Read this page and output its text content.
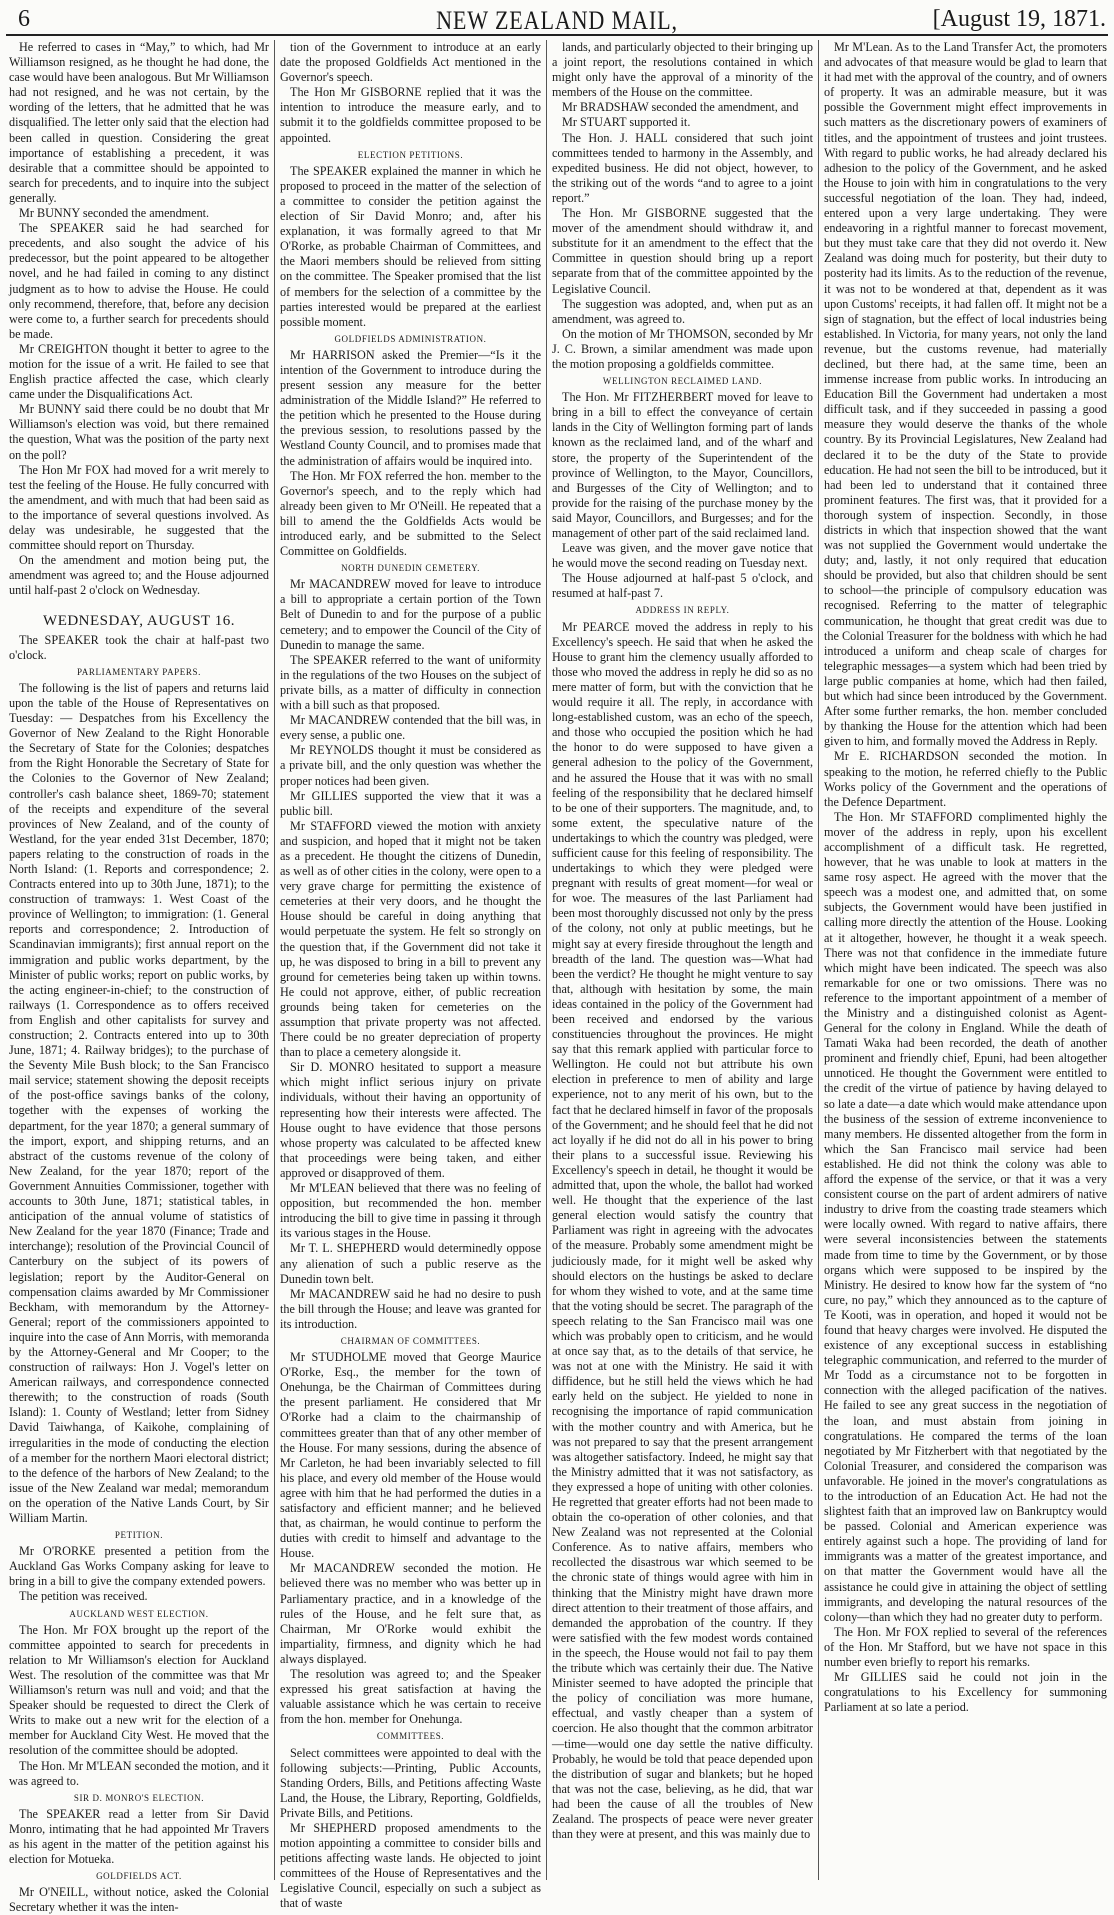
6	NEW ZEALAND MAIL,	[August 19, 1871.

He referred to cases in “May,” to which, had Mr Williamson resigned, as he thought he had done, the case would have been analogous. But Mr Williamson had not resigned, and he was not certain, by the wording of the letters, that he admitted that he was disqualified. The letter only said that the election had been called in question. Considering the great importance of establishing a precedent, it was desirable that a committee should be appointed to search for precedents, and to inquire into the subject generally.

Mr BUNNY seconded the amendment.

The SPEAKER said he had searched for precedents, and also sought the advice of his predecessor, but the point appeared to be altogether novel, and he had failed in coming to any distinct judgment as to how to advise the House. He could only recommend, therefore, that, before any decision were come to, a further search for precedents should be made.

Mr CREIGHTON thought it better to agree to the motion for the issue of a writ. He failed to see that English practice affected the case, which clearly came under the Disqualifications Act.

Mr BUNNY said there could be no doubt that Mr Williamson's election was void, but there remained the question, What was the position of the party next on the poll?

The Hon Mr FOX had moved for a writ merely to test the feeling of the House. He fully concurred with the amendment, and with much that had been said as to the importance of several questions involved. As delay was undesirable, he suggested that the committee should report on Thursday.

On the amendment and motion being put, the amendment was agreed to; and the House adjourned until half-past 2 o'clock on Wednesday.

WEDNESDAY, AUGUST 16.

The SPEAKER took the chair at half-past two o'clock.

PARLIAMENTARY PAPERS.

The following is the list of papers and returns laid upon the table of the House of Representatives on Tuesday: — Despatches from his Excellency the Governor of New Zealand to the Right Honorable the Secretary of State for the Colonies; despatches from the Right Honorable the Secretary of State for the Colonies to the Governor of New Zealand; controller's cash balance sheet, 1869-70; statement of the receipts and expenditure of the several provinces of New Zealand, and of the county of Westland, for the year ended 31st December, 1870; papers relating to the construction of roads in the North Island: (1. Reports and correspondence; 2. Contracts entered into up to 30th June, 1871); to the construction of tramways: 1. West Coast of the province of Wellington; to immigration: (1. General reports and correspondence; 2. Introduction of Scandinavian immigrants); first annual report on the immigration and public works department, by the Minister of public works; report on public works, by the acting engineer-in-chief; to the construction of railways (1. Correspondence as to offers received from English and other capitalists for survey and construction; 2. Contracts entered into up to 30th June, 1871; 4. Railway bridges); to the purchase of the Seventy Mile Bush block; to the San Francisco mail service; statement showing the deposit receipts of the post-office savings banks of the colony, together with the expenses of working the department, for the year 1870; a general summary of the import, export, and shipping returns, and an abstract of the customs revenue of the colony of New Zealand, for the year 1870; report of the Government Annuities Commissioner, together with accounts to 30th June, 1871; statistical tables, in anticipation of the annual volume of statistics of New Zealand for the year 1870 (Finance; Trade and interchange); resolution of the Provincial Council of Canterbury on the subject of its powers of legislation; report by the Auditor-General on compensation claims awarded by Mr Commissioner Beckham, with memorandum by the Attorney-General; report of the commissioners appointed to inquire into the case of Ann Morris, with memoranda by the Attorney-General and Mr Cooper; to the construction of railways: Hon J. Vogel's letter on American railways, and correspondence connected therewith; to the construction of roads (South Island): 1. County of Westland; letter from Sidney David Taiwhanga, of Kaikohe, complaining of irregularities in the mode of conducting the election of a member for the northern Maori electoral district; to the defence of the harbors of New Zealand; to the issue of the New Zealand war medal; memorandum on the operation of the Native Lands Court, by Sir William Martin.

PETITION.

Mr O'RORKE presented a petition from the Auckland Gas Works Company asking for leave to bring in a bill to give the company extended powers.

The petition was received.

AUCKLAND WEST ELECTION.

The Hon. Mr FOX brought up the report of the committee appointed to search for precedents in relation to Mr Williamson's election for Auckland West. The resolution of the committee was that Mr Williamson's return was null and void; and that the Speaker should be requested to direct the Clerk of Writs to make out a new writ for the election of a member for Auckland City West. He moved that the resolution of the committee should be adopted.

The Hon. Mr M'LEAN seconded the motion, and it was agreed to.

SIR D. MONRO'S ELECTION.

The SPEAKER read a letter from Sir David Monro, intimating that he had appointed Mr Travers as his agent in the matter of the petition against his election for Motueka.

GOLDFIELDS ACT.

Mr O'NEILL, without notice, asked the Colonial Secretary whether it was the inten-

tion of the Government to introduce at an early date the proposed Goldfields Act mentioned in the Governor's speech.

The Hon Mr GISBORNE replied that it was the intention to introduce the measure early, and to submit it to the goldfields committee proposed to be appointed.

ELECTION PETITIONS.

The SPEAKER explained the manner in which he proposed to proceed in the matter of the selection of a committee to consider the petition against the election of Sir David Monro; and, after his explanation, it was formally agreed to that Mr O'Rorke, as probable Chairman of Committees, and the Maori members should be relieved from sitting on the committee. The Speaker promised that the list of members for the selection of a committee by the parties interested would be prepared at the earliest possible moment.

GOLDFIELDS ADMINISTRATION.

Mr HARRISON asked the Premier—“Is it the intention of the Government to introduce during the present session any measure for the better administration of the Middle Island?” He referred to the petition which he presented to the House during the previous session, to resolutions passed by the Westland County Council, and to promises made that the administration of affairs would be inquired into.

The Hon. Mr FOX referred the hon. member to the Governor's speech, and to the reply which had already been given to Mr O'Neill. He repeated that a bill to amend the the Goldfields Acts would be introduced early, and be submitted to the Select Committee on Goldfields.

NORTH DUNEDIN CEMETERY.

Mr MACANDREW moved for leave to introduce a bill to appropriate a certain portion of the Town Belt of Dunedin to and for the purpose of a public cemetery; and to empower the Council of the City of Dunedin to manage the same.

The SPEAKER referred to the want of uniformity in the regulations of the two Houses on the subject of private bills, as a matter of difficulty in connection with a bill such as that proposed.

Mr MACANDREW contended that the bill was, in every sense, a public one.

Mr REYNOLDS thought it must be considered as a private bill, and the only question was whether the proper notices had been given.

Mr GILLIES supported the view that it was a public bill.

Mr STAFFORD viewed the motion with anxiety and suspicion, and hoped that it might not be taken as a precedent. He thought the citizens of Dunedin, as well as of other cities in the colony, were open to a very grave charge for permitting the existence of cemeteries at their very doors, and he thought the House should be careful in doing anything that would perpetuate the system. He felt so strongly on the question that, if the Government did not take it up, he was disposed to bring in a bill to prevent any ground for cemeteries being taken up within towns. He could not approve, either, of public recreation grounds being taken for cemeteries on the assumption that private property was not affected. There could be no greater depreciation of property than to place a cemetery alongside it.

Sir D. MONRO hesitated to support a measure which might inflict serious injury on private individuals, without their having an opportunity of representing how their interests were affected. The House ought to have evidence that those persons whose property was calculated to be affected knew that proceedings were being taken, and either approved or disapproved of them.

Mr M'LEAN believed that there was no feeling of opposition, but recommended the hon. member introducing the bill to give time in passing it through its various stages in the House.

Mr T. L. SHEPHERD would determinedly oppose any alienation of such a public reserve as the Dunedin town belt.

Mr MACANDREW said he had no desire to push the bill through the House; and leave was granted for its introduction.

CHAIRMAN OF COMMITTEES.

Mr STUDHOLME moved that George Maurice O'Rorke, Esq., the member for the town of Onehunga, be the Chairman of Committees during the present parliament. He considered that Mr O'Rorke had a claim to the chairmanship of committees greater than that of any other member of the House. For many sessions, during the absence of Mr Carleton, he had been invariably selected to fill his place, and every old member of the House would agree with him that he had performed the duties in a satisfactory and efficient manner; and he believed that, as chairman, he would continue to perform the duties with credit to himself and advantage to the House.

Mr MACANDREW seconded the motion. He believed there was no member who was better up in Parliamentary practice, and in a knowledge of the rules of the House, and he felt sure that, as Chairman, Mr O'Rorke would exhibit the impartiality, firmness, and dignity which he had always displayed.

The resolution was agreed to; and the Speaker expressed his great satisfaction at having the valuable assistance which he was certain to receive from the hon. member for Onehunga.

COMMITTEES.

Select committees were appointed to deal with the following subjects:—Printing, Public Accounts, Standing Orders, Bills, and Petitions affecting Waste Land, the House, the Library, Reporting, Goldfields, Private Bills, and Petitions.

Mr SHEPHERD proposed amendments to the motion appointing a committee to consider bills and petitions affecting waste lands. He objected to joint committees of the House of Representatives and the Legislative Council, especially on such a subject as that of waste

lands, and particularly objected to their bringing up a joint report, the resolutions contained in which might only have the approval of a minority of the members of the House on the committee.

Mr BRADSHAW seconded the amendment, and

Mr STUART supported it.

The Hon. J. HALL considered that such joint committees tended to harmony in the Assembly, and expedited business. He did not object, however, to the striking out of the words “and to agree to a joint report.”

The Hon. Mr GISBORNE suggested that the mover of the amendment should withdraw it, and substitute for it an amendment to the effect that the Committee in question should bring up a report separate from that of the committee appointed by the Legislative Council.

The suggestion was adopted, and, when put as an amendment, was agreed to.

On the motion of Mr THOMSON, seconded by Mr J. C. Brown, a similar amendment was made upon the motion proposing a goldfields committee.

WELLINGTON RECLAIMED LAND.

The Hon. Mr FITZHERBERT moved for leave to bring in a bill to effect the conveyance of certain lands in the City of Wellington forming part of lands known as the reclaimed land, and of the wharf and store, the property of the Superintendent of the province of Wellington, to the Mayor, Councillors, and Burgesses of the City of Wellington; and to provide for the raising of the purchase money by the said Mayor, Councillors, and Burgesses; and for the management of other part of the said reclaimed land.

Leave was given, and the mover gave notice that he would move the second reading on Tuesday next.

The House adjourned at half-past 5 o'clock, and resumed at half-past 7.

ADDRESS IN REPLY.

Mr PEARCE moved the address in reply to his Excellency's speech. He said that when he asked the House to grant him the clemency usually afforded to those who moved the address in reply he did so as no mere matter of form, but with the conviction that he would require it all. The reply, in accordance with long-established custom, was an echo of the speech, and those who occupied the position which he had the honor to do were supposed to have given a general adhesion to the policy of the Government, and he assured the House that it was with no small feeling of the responsibility that he declared himself to be one of their supporters. The magnitude, and, to some extent, the speculative nature of the undertakings to which the country was pledged, were sufficient cause for this feeling of responsibility. The undertakings to which they were pledged were pregnant with results of great moment—for weal or for woe. The measures of the last Parliament had been most thoroughly discussed not only by the press of the colony, not only at public meetings, but he might say at every fireside throughout the length and breadth of the land. The question was—What had been the verdict? He thought he might venture to say that, although with hesitation by some, the main ideas contained in the policy of the Government had been received and endorsed by the various constituencies throughout the provinces. He might say that this remark applied with particular force to Wellington. He could not but attribute his own election in preference to men of ability and large experience, not to any merit of his own, but to the fact that he declared himself in favor of the proposals of the Government; and he should feel that he did not act loyally if he did not do all in his power to bring their plans to a successful issue. Reviewing his Excellency's speech in detail, he thought it would be admitted that, upon the whole, the ballot had worked well. He thought that the experience of the last general election would satisfy the country that Parliament was right in agreeing with the advocates of the measure. Probably some amendment might be judiciously made, for it might well be asked why should electors on the hustings be asked to declare for whom they wished to vote, and at the same time that the voting should be secret. The paragraph of the speech relating to the San Francisco mail was one which was probably open to criticism, and he would at once say that, as to the details of that service, he was not at one with the Ministry. He said it with diffidence, but he still held the views which he had early held on the subject. He yielded to none in recognising the importance of rapid communication with the mother country and with America, but he was not prepared to say that the present arrangement was altogether satisfactory. Indeed, he might say that the Ministry admitted that it was not satisfactory, as they expressed a hope of uniting with other colonies. He regretted that greater efforts had not been made to obtain the co-operation of other colonies, and that New Zealand was not represented at the Colonial Conference. As to native affairs, members who recollected the disastrous war which seemed to be the chronic state of things would agree with him in thinking that the Ministry might have drawn more direct attention to their treatment of those affairs, and demanded the approbation of the country. If they were satisfied with the few modest words contained in the speech, the House would not fail to pay them the tribute which was certainly their due. The Native Minister seemed to have adopted the principle that the policy of conciliation was more humane, effectual, and vastly cheaper than a system of coercion. He also thought that the common arbitrator—time—would one day settle the native difficulty. Probably, he would be told that peace depended upon the distribution of sugar and blankets; but he hoped that was not the case, believing, as he did, that war had been the cause of all the troubles of New Zealand. The prospects of peace were never greater than they were at present, and this was mainly due to

Mr M'Lean. As to the Land Transfer Act, the promoters and advocates of that measure would be glad to learn that it had met with the approval of the country, and of owners of property. It was an admirable measure, but it was possible the Government might effect improvements in such matters as the discretionary powers of examiners of titles, and the appointment of trustees and joint trustees. With regard to public works, he had already declared his adhesion to the policy of the Government, and he asked the House to join with him in congratulations to the very successful negotiation of the loan. They had, indeed, entered upon a very large undertaking. They were endeavoring in a rightful manner to forecast movement, but they must take care that they did not overdo it. New Zealand was doing much for posterity, but their duty to posterity had its limits. As to the reduction of the revenue, it was not to be wondered at that, dependent as it was upon Customs' receipts, it had fallen off. It might not be a sign of stagnation, but the effect of local industries being established. In Victoria, for many years, not only the land revenue, but the customs revenue, had materially declined, but there had, at the same time, been an immense increase from public works. In introducing an Education Bill the Government had undertaken a most difficult task, and if they succeeded in passing a good measure they would deserve the thanks of the whole country. By its Provincial Legislatures, New Zealand had declared it to be the duty of the State to provide education. He had not seen the bill to be introduced, but it had been led to understand that it contained three prominent features. The first was, that it provided for a thorough system of inspection. Secondly, in those districts in which that inspection showed that the want was not supplied the Government would undertake the duty; and, lastly, it not only required that education should be provided, but also that children should be sent to school—the principle of compulsory education was recognised. Referring to the matter of telegraphic communication, he thought that great credit was due to the Colonial Treasurer for the boldness with which he had introduced a uniform and cheap scale of charges for telegraphic messages—a system which had been tried by large public companies at home, which had then failed, but which had since been introduced by the Government. After some further remarks, the hon. member concluded by thanking the House for the attention which had been given to him, and formally moved the Address in Reply.

Mr E. RICHARDSON seconded the motion. In speaking to the motion, he referred chiefly to the Public Works policy of the Government and the operations of the Defence Department.

The Hon. Mr STAFFORD complimented highly the mover of the address in reply, upon his excellent accomplishment of a difficult task. He regretted, however, that he was unable to look at matters in the same rosy aspect. He agreed with the mover that the speech was a modest one, and admitted that, on some subjects, the Government would have been justified in calling more directly the attention of the House. Looking at it altogether, however, he thought it a weak speech. There was not that confidence in the immediate future which might have been indicated. The speech was also remarkable for one or two omissions. There was no reference to the important appointment of a member of the Ministry and a distinguished colonist as Agent-General for the colony in England. While the death of Tamati Waka had been recorded, the death of another prominent and friendly chief, Epuni, had been altogether unnoticed. He thought the Government were entitled to the credit of the virtue of patience by having delayed to so late a date—a date which would make attendance upon the business of the session of extreme inconvenience to many members. He dissented altogether from the form in which the San Francisco mail service had been established. He did not think the colony was able to afford the expense of the service, or that it was a very consistent course on the part of ardent admirers of native industry to drive from the coasting trade steamers which were locally owned. With regard to native affairs, there were several inconsistencies between the statements made from time to time by the Government, or by those organs which were supposed to be inspired by the Ministry. He desired to know how far the system of “no cure, no pay,” which they announced as to the capture of Te Kooti, was in operation, and hoped it would not be found that heavy charges were involved. He disputed the existence of any exceptional success in establishing telegraphic communication, and referred to the murder of Mr Todd as a circumstance not to be forgotten in connection with the alleged pacification of the natives. He failed to see any great success in the negotiation of the loan, and must abstain from joining in congratulations. He compared the terms of the loan negotiated by Mr Fitzherbert with that negotiated by the Colonial Treasurer, and considered the comparison was unfavorable. He joined in the mover's congratulations as to the introduction of an Education Act. He had not the slightest faith that an improved law on Bankruptcy would be passed. Colonial and American experience was entirely against such a hope. The providing of land for immigrants was a matter of the greatest importance, and on that matter the Government would have all the assistance he could give in attaining the object of settling immigrants, and developing the natural resources of the colony—than which they had no greater duty to perform.

The Hon. Mr FOX replied to several of the references of the Hon. Mr Stafford, but we have not space in this number even briefly to report his remarks.

Mr GILLIES said he could not join in the congratulations to his Excellency for summoning Parliament at so late a period.
